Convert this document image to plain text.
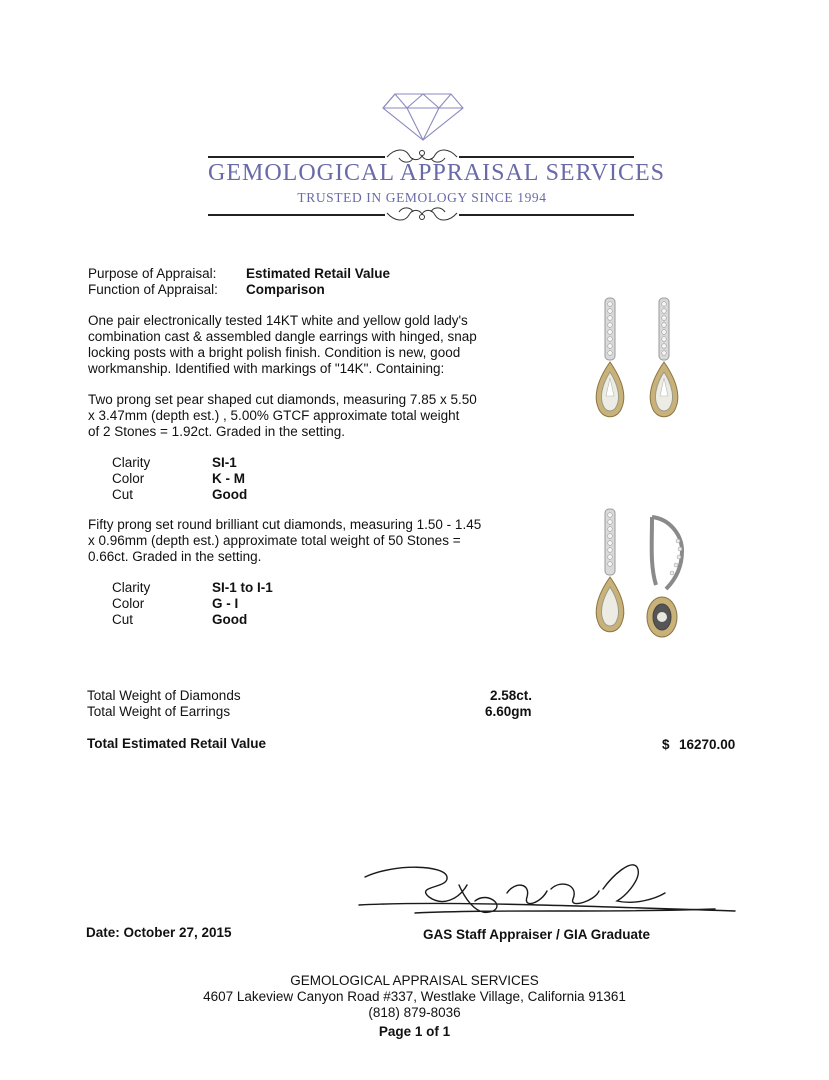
GEMOLOGICAL APPRAISAL SERVICES
TRUSTED IN GEMOLOGY SINCE 1994
Purpose of Appraisal: Estimated Retail Value
Function of Appraisal: Comparison
One pair electronically tested 14KT white and yellow gold lady's
combination cast & assembled dangle earrings with hinged, snap
locking posts with a bright polish finish. Condition is new, good
workmanship. Identified with markings of "14K". Containing:
Two prong set pear shaped cut diamonds, measuring 7.85 x 5.50
x 3.47mm (depth est.) , 5.00% GTCF approximate total weight
of 2 Stones = 1.92ct. Graded in the setting.
Clarity	SI-1
Color	K - M
Cut	Good
Fifty prong set round brilliant cut diamonds, measuring 1.50 - 1.45
x 0.96mm (depth est.) approximate total weight of 50 Stones =
0.66ct. Graded in the setting.
Clarity	SI-1 to I-1
Color	G - I
Cut	Good
Total Weight of Diamonds	2.58ct.
Total Weight of Earrings	6.60gm
Total Estimated Retail Value	$ 16270.00
Date: October 27, 2015	GAS Staff Appraiser / GIA Graduate
GEMOLOGICAL APPRAISAL SERVICES
4607 Lakeview Canyon Road #337, Westlake Village, California 91361
(818) 879-8036
Page 1 of 1
